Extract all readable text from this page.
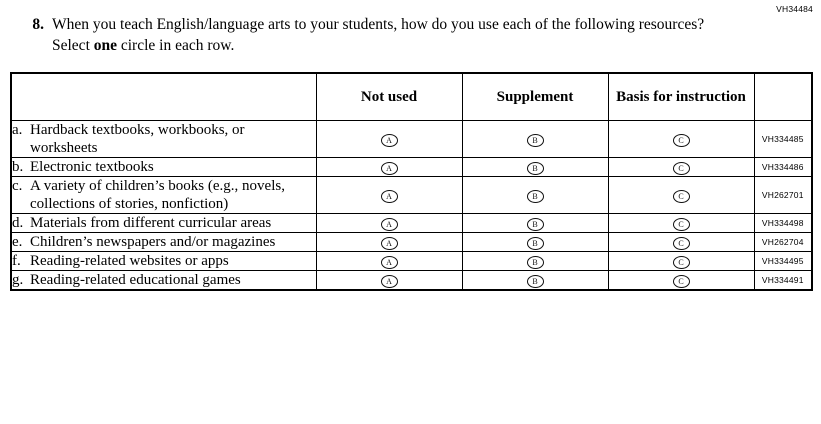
VH34484
8. When you teach English/language arts to your students, how do you use each of the following resources? Select one circle in each row.
	Not used	Supplement	Basis for instruction	
a. Hardback textbooks, workbooks, or worksheets	A	B	C	VH334485
b. Electronic textbooks	A	B	C	VH334486
c. A variety of children’s books (e.g., novels, collections of stories, nonfiction)	A	B	C	VH262701
d. Materials from different curricular areas	A	B	C	VH334498
e. Children’s newspapers and/or magazines	A	B	C	VH262704
f. Reading-related websites or apps	A	B	C	VH334495
g. Reading-related educational games	A	B	C	VH334491
